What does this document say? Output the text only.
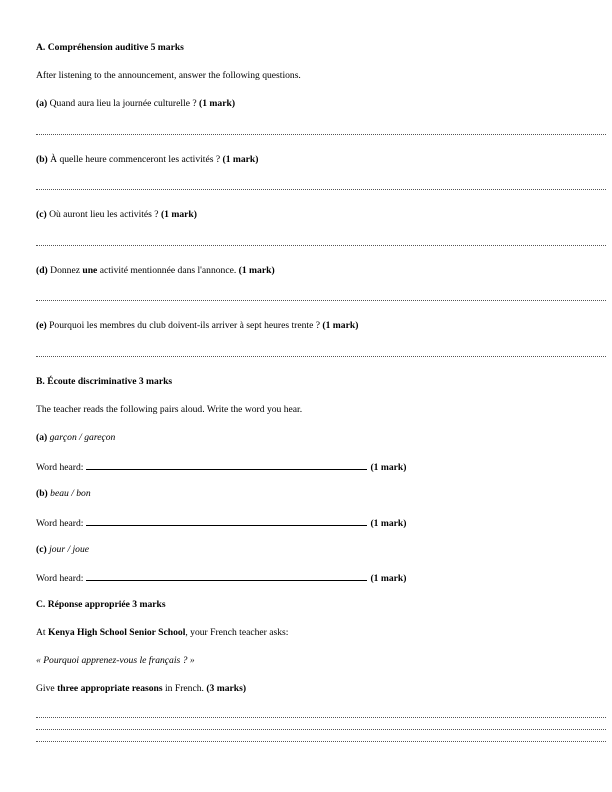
A. Compréhension auditive 5 marks
After listening to the announcement, answer the following questions.
(a) Quand aura lieu la journée culturelle ? (1 mark)
(b) À quelle heure commenceront les activités ? (1 mark)
(c) Où auront lieu les activités ? (1 mark)
(d) Donnez une activité mentionnée dans l'annonce. (1 mark)
(e) Pourquoi les membres du club doivent-ils arriver à sept heures trente ? (1 mark)
B. Écoute discriminative 3 marks
The teacher reads the following pairs aloud. Write the word you hear.
(a) garçon / gareçon
Word heard:	(1 mark)
(b) beau / bon
Word heard:	(1 mark)
(c) jour / joue
Word heard:	(1 mark)
C. Réponse appropriée 3 marks
At Kenya High School Senior School, your French teacher asks:
« Pourquoi apprenez-vous le français ? »
Give three appropriate reasons in French. (3 marks)
